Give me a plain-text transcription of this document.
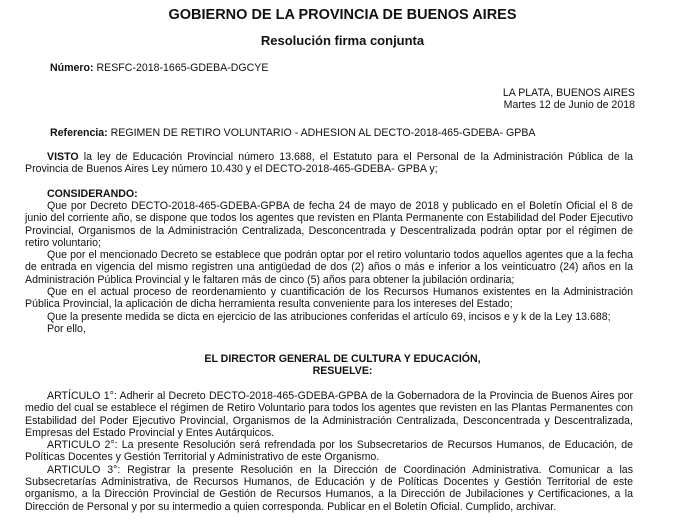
GOBIERNO DE LA PROVINCIA DE BUENOS AIRES
Resolución firma conjunta
Número: RESFC-2018-1665-GDEBA-DGCYE
LA PLATA, BUENOS AIRES
Martes 12 de Junio de 2018
Referencia: REGIMEN DE RETIRO VOLUNTARIO - ADHESION AL DECTO-2018-465-GDEBA- GPBA
VISTO la ley de Educación Provincial número 13.688, el Estatuto para el Personal de la Administración Pública de la Provincia de Buenos Aires Ley número 10.430 y el DECTO-2018-465-GDEBA- GPBA y;
CONSIDERANDO:

Que por Decreto DECTO-2018-465-GDEBA-GPBA de fecha 24 de mayo de 2018 y publicado en el Boletín Oficial el 8 de junio del corriente año, se dispone que todos los agentes que revisten en Planta Permanente con Estabilidad del Poder Ejecutivo Provincial, Organismos de la Administración Centralizada, Desconcentrada y Descentralizada podrán optar por el régimen de retiro voluntario;

Que por el mencionado Decreto se establece que podrán optar por el retiro voluntario todos aquellos agentes que a la fecha de entrada en vigencia del mismo registren una antigüedad de dos (2) años o más e inferior a los veinticuatro (24) años en la Administración Pública Provincial y le faltaren más de cinco (5) años para obtener la jubilación ordinaria;

Que en el actual proceso de reordenamiento y cuantificación de los Recursos Humanos existentes en la Administración Pública Provincial, la aplicación de dicha herramienta resulta conveniente para los intereses del Estado;

Que la presente medida se dicta en ejercicio de las atribuciones conferidas el artículo 69, incisos e y k de la Ley 13.688;

Por ello,

EL DIRECTOR GENERAL DE CULTURA Y EDUCACIÓN,
RESUELVE:

ARTÍCULO 1°: Adherir al Decreto DECTO-2018-465-GDEBA-GPBA de la Gobernadora de la Provincia de Buenos Aires por medio del cual se establece el régimen de Retiro Voluntario para todos los agentes que revisten en las Plantas Permanentes con Estabilidad del Poder Ejecutivo Provincial, Organismos de la Administración Centralizada, Desconcentrada y Descentralizada, Empresas del Estado Provincial y Entes Autárquicos.

ARTICULO 2°: La presente Resolución será refrendada por los Subsecretarios de Recursos Humanos, de Educación, de Políticas Docentes y Gestión Territorial y Administrativo de este Organismo.

ARTICULO 3°: Registrar la presente Resolución en la Dirección de Coordinación Administrativa. Comunicar a las Subsecretarías Administrativa, de Recursos Humanos, de Educación y de Políticas Docentes y Gestión Territorial de este organismo, a la Dirección Provincial de Gestión de Recursos Humanos, a la Dirección de Jubilaciones y Certificaciones, a la Dirección de Personal y por su intermedio a quien corresponda. Publicar en el Boletín Oficial. Cumplido, archivar.
